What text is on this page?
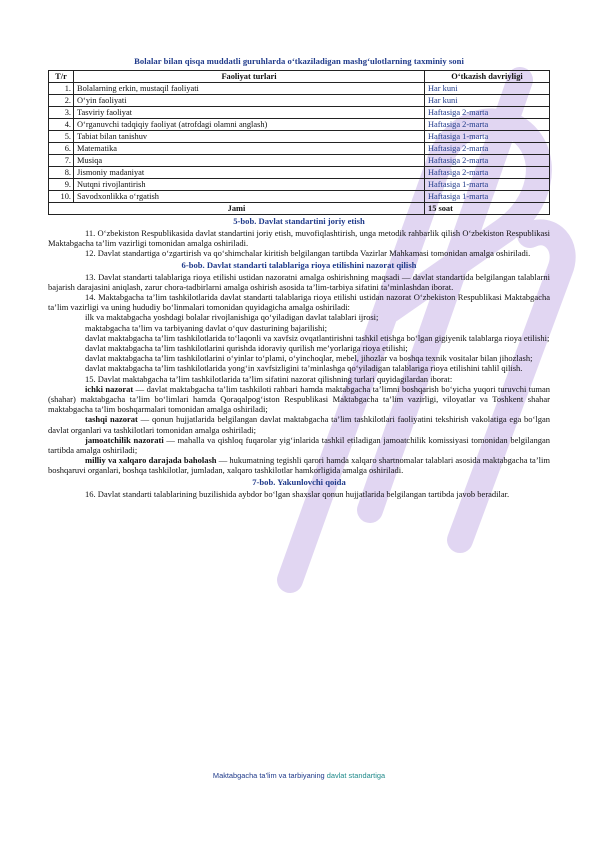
Bolalar bilan qisqa muddatli guruhlarda o‘tkaziladigan mashg‘ulotlarning taxminiy soni
T/r	Faoliyat turlari	O‘tkazish davriyligi
1.	Bolalarning erkin, mustaqil faoliyati	Har kuni
2.	O‘yin faoliyati	Har kuni
3.	Tasviriy faoliyat	Haftasiga 2-marta
4.	O‘rganuvchi tadqiqiy faoliyat (atrofdagi olamni anglash)	Haftasiga 2-marta
5.	Tabiat bilan tanishuv	Haftasiga 1-marta
6.	Matematika	Haftasiga 2-marta
7.	Musiqa	Haftasiga 2-marta
8.	Jismoniy madaniyat	Haftasiga 2-marta
9.	Nutqni rivojlantirish	Haftasiga 1-marta
10.	Savodxonlikka o‘rgatish	Haftasiga 1-marta
Jami		15 soat
5-bob. Davlat standartini joriy etish

11. O‘zbekiston Respublikasida davlat standartini joriy etish, muvofiqlashtirish, unga metodik rahbarlik qilish O‘zbekiston Respublikasi Maktabgacha ta’lim vazirligi tomonidan amalga oshiriladi.

12. Davlat standartiga o‘zgartirish va qo‘shimchalar kiritish belgilangan tartibda Vazirlar Mahkamasi tomonidan amalga oshiriladi.

6-bob. Davlat standarti talablariga rioya etilishini nazorat qilish

13. Davlat standarti talablariga rioya etilishi ustidan nazoratni amalga oshirishning maqsadi — davlat standartida belgilangan talablarni bajarish darajasini aniqlash, zarur chora-tadbirlarni amalga oshirish asosida ta’lim-tarbiya sifatini ta’minlashdan iborat.

14. Maktabgacha ta’lim tashkilotlarida davlat standarti talablariga rioya etilishi ustidan nazorat O‘zbekiston Respublikasi Maktabgacha ta’lim vazirligi va uning hududiy bo‘linmalari tomonidan quyidagicha amalga oshiriladi:

ilk va maktabgacha yoshdagi bolalar rivojlanishiga qo‘yiladigan davlat talablari ijrosi;

maktabgacha ta’lim va tarbiyaning davlat o‘quv dasturining bajarilishi;

davlat maktabgacha ta’lim tashkilotlarida to‘laqonli va xavfsiz ovqatlantirishni tashkil etishga bo‘lgan gigiyenik talablarga rioya etilishi;

davlat maktabgacha ta’lim tashkilotlarini qurishda idoraviy qurilish me’yorlariga rioya etilishi;

davlat maktabgacha ta’lim tashkilotlarini o‘yinlar to‘plami, o‘yinchoqlar, mebel, jihozlar va boshqa texnik vositalar bilan jihozlash;

davlat maktabgacha ta’lim tashkilotlarida yong‘in xavfsizligini ta’minlashga qo‘yiladigan talablariga rioya etilishini tahlil qilish.

15. Davlat maktabgacha ta’lim tashkilotlarida ta’lim sifatini nazorat qilishning turlari quyidagilardan iborat:

ichki nazorat — davlat maktabgacha ta’lim tashkiloti rahbari hamda maktabgacha ta’limni boshqarish bo‘yicha yuqori turuvchi tuman (shahar) maktabgacha ta’lim bo‘limlari hamda Qoraqalpog‘iston Respublikasi Maktabgacha ta’lim vazirligi, viloyatlar va Toshkent shahar maktabgacha ta’lim boshqarmalari tomonidan amalga oshiriladi;

tashqi nazorat — qonun hujjatlarida belgilangan davlat maktabgacha ta’lim tashkilotlari faoliyatini tekshirish vakolatiga ega bo‘lgan davlat organlari va tashkilotlari tomonidan amalga oshiriladi;

jamoatchilik nazorati — mahalla va qishloq fuqarolar yig‘inlarida tashkil etiladigan jamoatchilik komissiyasi tomonidan belgilangan tartibda amalga oshiriladi;

milliy va xalqaro darajada baholash — hukumatning tegishli qarori hamda xalqaro shartnomalar talablari asosida maktabgacha ta’lim boshqaruvi organlari, boshqa tashkilotlar, jumladan, xalqaro tashkilotlar hamkorligida amalga oshiriladi.

7-bob. Yakunlovchi qoida

16. Davlat standarti talablarining buzilishida aybdor bo‘lgan shaxslar qonun hujjatlarida belgilangan tartibda javob beradilar.

Maktabgacha ta’lim va tarbiyaning davlat standartiga
